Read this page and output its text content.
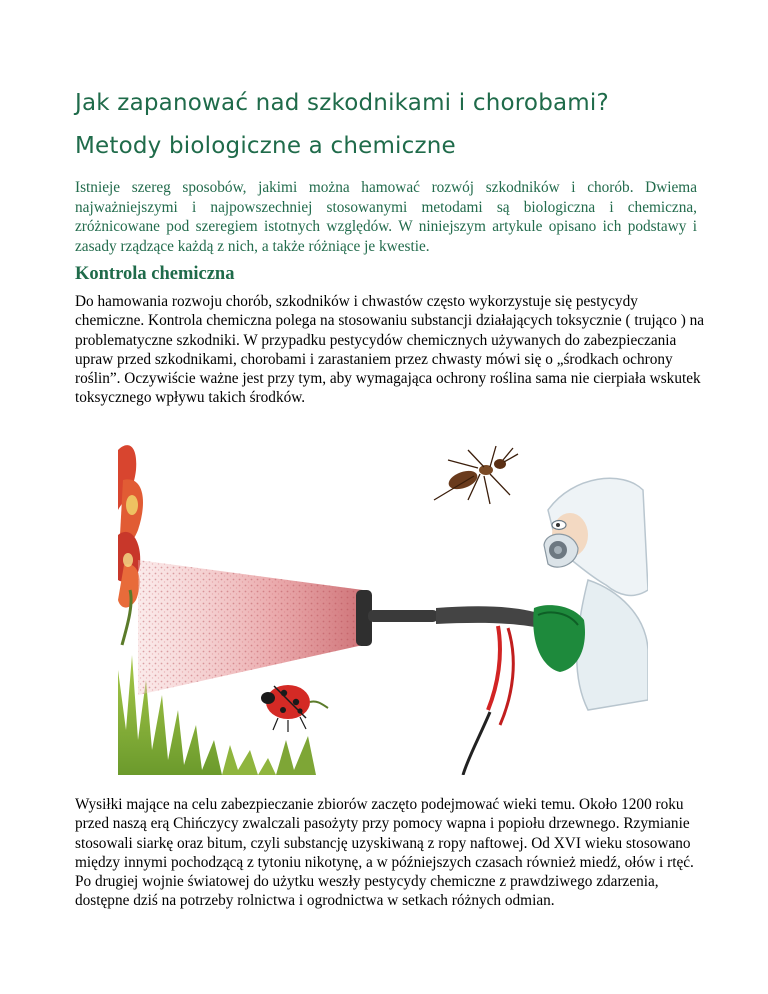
Jak zapanować nad szkodnikami i chorobami?
Metody biologiczne a chemiczne

Istnieje szereg sposobów, jakimi można hamować rozwój szkodników i chorób. Dwiema najważniejszymi i najpowszechniej stosowanymi metodami są biologiczna i chemiczna, zróżnicowane pod szeregiem istotnych względów. W niniejszym artykule opisano ich podstawy i zasady rządzące każdą z nich, a także różniące je kwestie.

Kontrola chemiczna

Do hamowania rozwoju chorób, szkodników i chwastów często wykorzystuje się pestycydy chemiczne. Kontrola chemiczna polega na stosowaniu substancji działających toksycznie ( trująco ) na problematyczne szkodniki. W przypadku pestycydów chemicznych używanych do zabezpieczania upraw przed szkodnikami, chorobami i zarastaniem przez chwasty mówi się o „środkach ochrony roślin”. Oczywiście ważne jest przy tym, aby wymagająca ochrony roślina sama nie cierpiała wskutek toksycznego wpływu takich środków.

Wysiłki mające na celu zabezpieczanie zbiorów zaczęto podejmować wieki temu. Około 1200 roku przed naszą erą Chińczycy zwalczali pasożyty przy pomocy wapna i popiołu drzewnego. Rzymianie stosowali siarkę oraz bitum, czyli substancję uzyskiwaną z ropy naftowej. Od XVI wieku stosowano między innymi pochodzącą z tytoniu nikotynę, a w późniejszych czasach również miedź, ołów i rtęć. Po drugiej wojnie światowej do użytku weszły pestycydy chemiczne z prawdziwego zdarzenia, dostępne dziś na potrzeby rolnictwa i ogrodnictwa w setkach różnych odmian.
